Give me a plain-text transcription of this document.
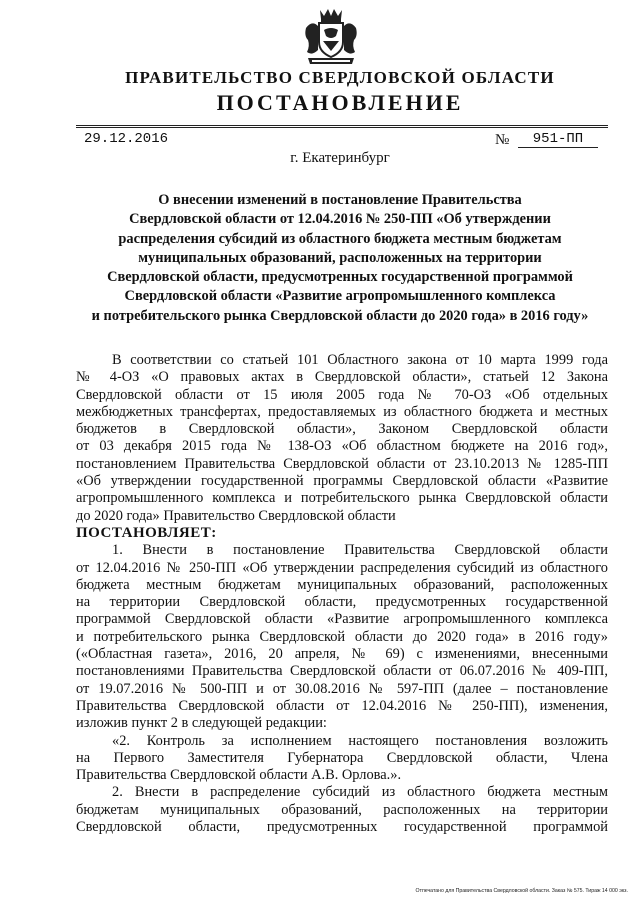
ПРАВИТЕЛЬСТВО СВЕРДЛОВСКОЙ ОБЛАСТИ
ПОСТАНОВЛЕНИЕ
29.12.2016	№	951-ПП
г. Екатеринбург
О внесении изменений в постановление Правительства
Свердловской области от 12.04.2016 № 250-ПП «Об утверждении
распределения субсидий из областного бюджета местным бюджетам
муниципальных образований, расположенных на территории
Свердловской области, предусмотренных государственной программой
Свердловской области «Развитие агропромышленного комплекса
и потребительского рынка Свердловской области до 2020 года» в 2016 году»
В соответствии со статьей 101 Областного закона от 10 марта 1999 года
№ 4-ОЗ «О правовых актах в Свердловской области», статьей 12 Закона
Свердловской области от 15 июля 2005 года № 70-ОЗ «Об отдельных
межбюджетных трансфертах, предоставляемых из областного бюджета и местных
бюджетов в Свердловской области», Законом Свердловской области
от 03 декабря 2015 года № 138-ОЗ «Об областном бюджете на 2016 год»,
постановлением Правительства Свердловской области от 23.10.2013 № 1285-ПП
«Об утверждении государственной программы Свердловской области «Развитие
агропромышленного комплекса и потребительского рынка Свердловской области
до 2020 года» Правительство Свердловской области
ПОСТАНОВЛЯЕТ:
1. Внести в постановление Правительства Свердловской области
от 12.04.2016 № 250-ПП «Об утверждении распределения субсидий из областного
бюджета местным бюджетам муниципальных образований, расположенных
на территории Свердловской области, предусмотренных государственной
программой Свердловской области «Развитие агропромышленного комплекса
и потребительского рынка Свердловской области до 2020 года» в 2016 году»
(«Областная газета», 2016, 20 апреля, № 69) с изменениями, внесенными
постановлениями Правительства Свердловской области от 06.07.2016 № 409-ПП,
от 19.07.2016 № 500-ПП и от 30.08.2016 № 597-ПП (далее – постановление
Правительства Свердловской области от 12.04.2016 № 250-ПП), изменения,
изложив пункт 2 в следующей редакции:
«2. Контроль за исполнением настоящего постановления возложить
на Первого Заместителя Губернатора Свердловской области, Члена
Правительства Свердловской области А.В. Орлова.».
2. Внести в распределение субсидий из областного бюджета местным
бюджетам муниципальных образований, расположенных на территории
Свердловской области, предусмотренных государственной программой
Отпечатано для Правительства Свердловской области. Заказ № 575. Тираж 14 000 экз.
